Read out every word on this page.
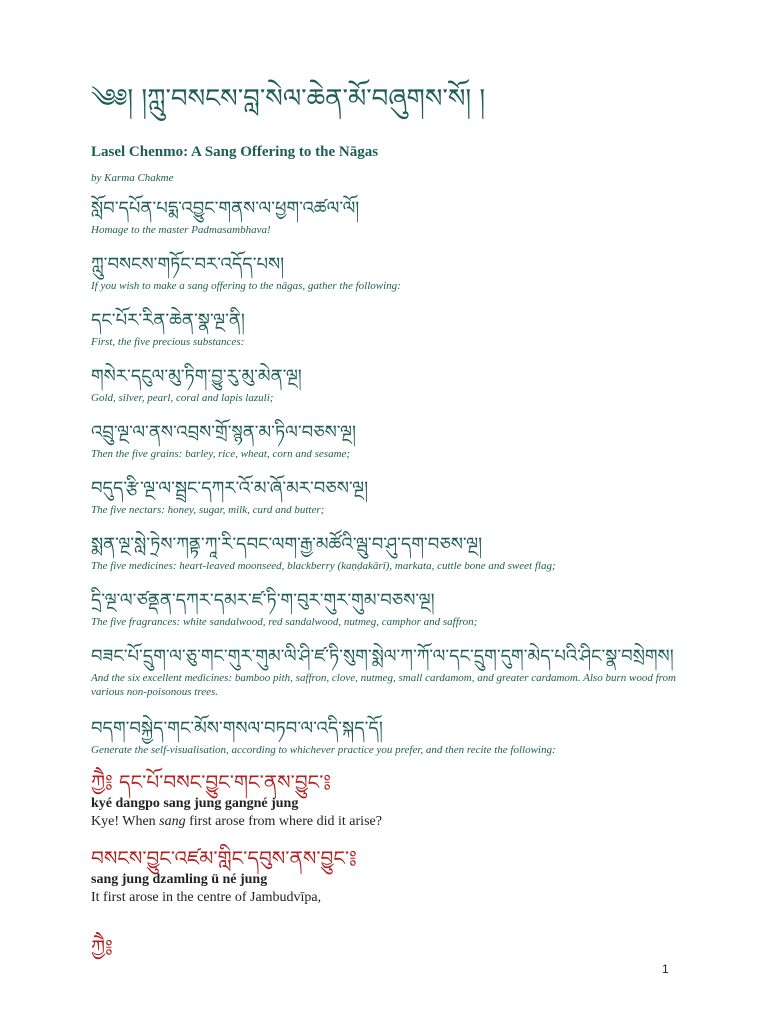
༄༅། །ཀླུ་བསངས་བླ་སེལ་ཆེན་མོ་བཞུགས་སོ། །
Lasel Chenmo: A Sang Offering to the Nāgas
by Karma Chakme
སློབ་དཔོན་པདྨ་འབྱུང་གནས་ལ་ཕྱག་འཚལ་ལོ།
Homage to the master Padmasambhava!
ཀླུ་བསངས་གཏོང་བར་འདོད་པས།
If you wish to make a sang offering to the nāgas, gather the following:
དང་པོར་རིན་ཆེན་སྣ་ལྔ་ནི།
First, the five precious substances:
གསེར་དངུལ་མུ་ཏིག་བྱུ་རུ་མུ་མེན་ལྔ།
Gold, silver, pearl, coral and lapis lazuli;
འབྲུ་ལྔ་ལ་ནས་འབྲས་གྲོ་སྙན་མ་ཏིལ་བཅས་ལྔ།
Then the five grains: barley, rice, wheat, corn and sesame;
བདུད་རྩི་ལྔ་ལ་སྦྲང་དཀར་འོ་མ་ཞོ་མར་བཅས་ལྔ།
The five nectars: honey, sugar, milk, curd and butter;
སྨན་ལྔ་སླེ་ཏྲེས་ཀནྟ་ཀཱ་རི་དབང་ལག་རྒྱ་མཚོའི་ལྦུ་བ་ཤུ་དག་བཅས་ལྔ།
The five medicines: heart-leaved moonseed, blackberry (kaṇḍakārī), markata, cuttle bone and sweet flag;
དྲི་ལྔ་ལ་ཙནྡན་དཀར་དམར་ཛ་ཏི་ག་བུར་གུར་གུམ་བཅས་ལྔ།
The five fragrances: white sandalwood, red sandalwood, nutmeg, camphor and saffron;
བཟང་པོ་དྲུག་ལ་ཅུ་གང་གུར་གུམ་ལི་ཤི་ཛ་ཏི་སུག་སྨེལ་ཀ་ཀོ་ལ་དང་དྲུག་དུག་མེད་པའི་ཤིང་སྣ་བསྲེགས།
And the six excellent medicines: bamboo pith, saffron, clove, nutmeg, small cardamom, and greater cardamom. Also burn wood from various non-poisonous trees.
བདག་བསྐྱེད་གང་མོས་གསལ་བཏབ་ལ་འདི་སྐད་དོ།
Generate the self-visualisation, according to whichever practice you prefer, and then recite the following:
ཀྱཻ༔ དང་པོ་བསང་བྱུང་གང་ནས་བྱུང་༔
kyé dangpo sang jung gangné jung
Kye! When sang first arose from where did it arise?
བསངས་བྱུང་འཛམ་གླིང་དབུས་ནས་བྱུང་༔
sang jung dzamling ü né jung
It first arose in the centre of Jambudvīpa,
ཀྱཻ༔
1
